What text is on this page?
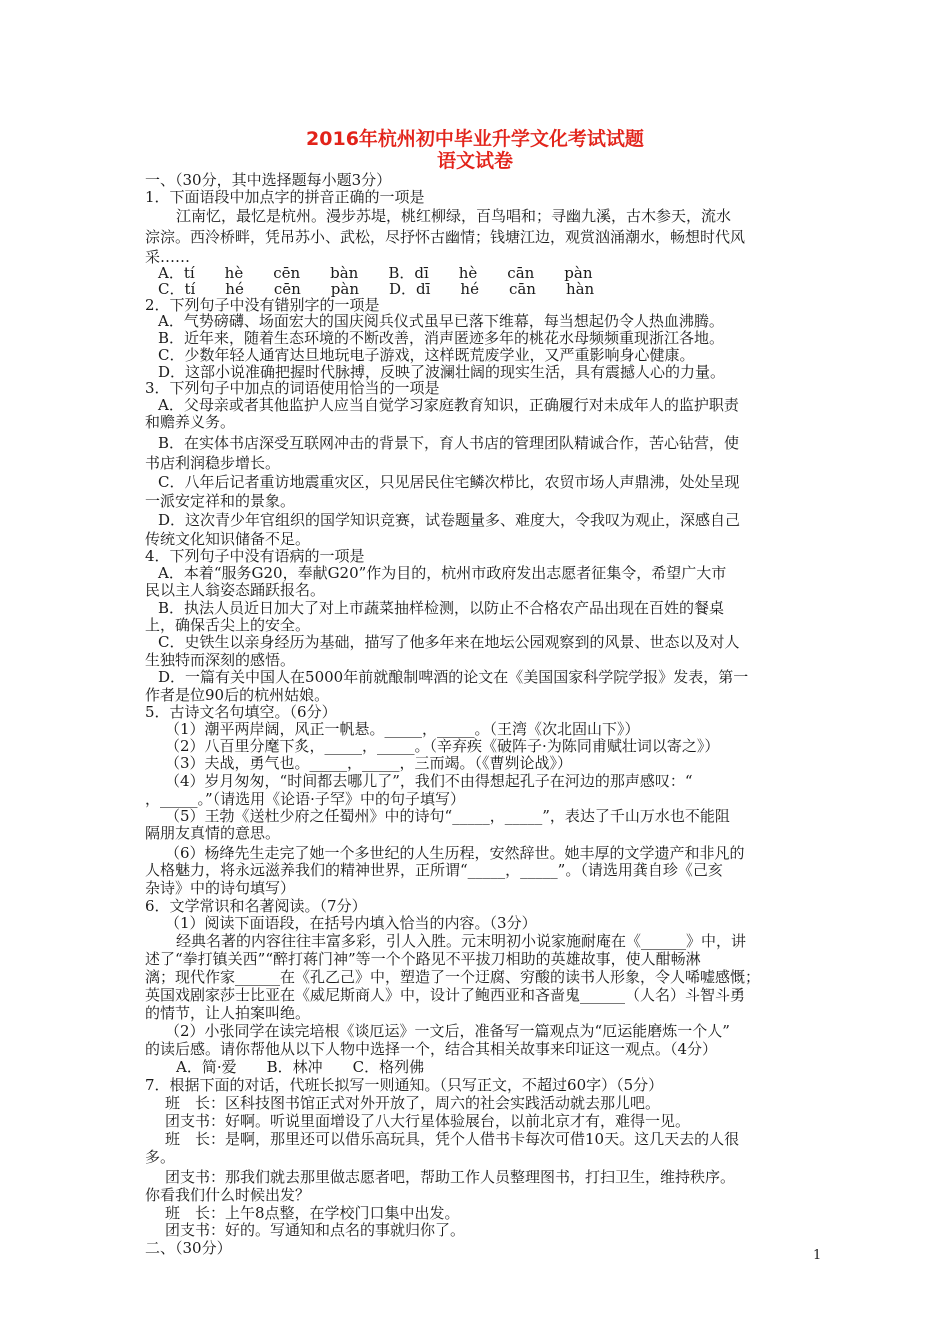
2016年杭州初中毕业升学文化考试试题
语文试卷
一、（30分，其中选择题每小题3分）
1．下面语段中加点字的拼音正确的一项是
江南忆，最忆是杭州。漫步苏堤，桃红柳绿，百鸟唱和；寻幽九溪，古木参天，流水
淙淙。西泠桥畔，凭吊苏小、武松，尽抒怀古幽情；钱塘江边，观赏汹涌潮水，畅想时代风
采……
A．tí　　hè　　cēn　　bàn　　B．dī　　hè　　cān　　pàn
C．tí　　hé　　cēn　　pàn　　D．dī　　hé　　cān　　hàn
2．下列句子中没有错别字的一项是
A．气势磅礴、场面宏大的国庆阅兵仪式虽早已落下维幕，每当想起仍令人热血沸腾。
B．近年来，随着生态环境的不断改善，消声匿迹多年的桃花水母频频重现浙江各地。
C．少数年轻人通宵达旦地玩电子游戏，这样既荒废学业，又严重影响身心健康。
D．这部小说准确把握时代脉搏，反映了波澜壮阔的现实生活，具有震撼人心的力量。
3．下列句子中加点的词语使用恰当的一项是
A．父母亲或者其他监护人应当自觉学习家庭教育知识，正确履行对未成年人的监护职责
和赡养义务。
B．在实体书店深受互联网冲击的背景下，育人书店的管理团队精诚合作，苦心钻营，使
书店利润稳步增长。
C．八年后记者重访地震重灾区，只见居民住宅鳞次栉比，农贸市场人声鼎沸，处处呈现
一派安定祥和的景象。
D．这次青少年官组织的国学知识竞赛，试卷题量多、难度大，令我叹为观止，深感自己
传统文化知识储备不足。
4．下列句子中没有语病的一项是
A．本着“服务G20，奉献G20”作为目的，杭州市政府发出志愿者征集令，希望广大市
民以主人翁姿态踊跃报名。
B．执法人员近日加大了对上市蔬菜抽样检测，以防止不合格农产品出现在百姓的餐桌
上，确保舌尖上的安全。
C．史铁生以亲身经历为基础，描写了他多年来在地坛公园观察到的风景、世态以及对人
生独特而深刻的感悟。
D．一篇有关中国人在5000年前就酿制啤酒的论文在《美国国家科学院学报》发表，第一
作者是位90后的杭州姑娘。
5．古诗文名句填空。（6分）
（1）潮平两岸阔，风正一帆悬。_____，_____。（王湾《次北固山下》）
（2）八百里分麾下炙，_____，_____。（辛弃疾《破阵子·为陈同甫赋壮词以寄之》）
（3）夫战，勇气也。_____，_____，三而竭。（《曹刿论战》）
（4）岁月匆匆，“时间都去哪儿了”，我们不由得想起孔子在河边的那声感叹：“
，_____。”（请选用《论语·子罕》中的句子填写）
（5）王勃《送杜少府之任蜀州》中的诗句“_____，_____”，表达了千山万水也不能阻
隔朋友真情的意思。
（6）杨绛先生走完了她一个多世纪的人生历程，安然辞世。她丰厚的文学遗产和非凡的
人格魅力，将永远滋养我们的精神世界，正所谓“_____，_____”。（请选用龚自珍《己亥
杂诗》中的诗句填写）
6．文学常识和名著阅读。（7分）
（1）阅读下面语段，在括号内填入恰当的内容。（3分）
经典名著的内容往往丰富多彩，引人入胜。元末明初小说家施耐庵在《______》中，讲
述了“拳打镇关西”“醉打蒋门神”等一个个路见不平拔刀相助的英雄故事，使人酣畅淋
漓；现代作家______在《孔乙己》中，塑造了一个迂腐、穷酸的读书人形象，令人唏嘘感慨；
英国戏剧家莎士比亚在《威尼斯商人》中，设计了鲍西亚和吝啬鬼______（人名）斗智斗勇
的情节，让人拍案叫绝。
（2）小张同学在读完培根《谈厄运》一文后，准备写一篇观点为“厄运能磨炼一个人”
的读后感。请你帮他从以下人物中选择一个，结合其相关故事来印证这一观点。（4分）
A．简·爱　　B．林冲　　C．格列佛
7．根据下面的对话，代班长拟写一则通知。（只写正文，不超过60字）（5分）
班　长：区科技图书馆正式对外开放了，周六的社会实践活动就去那儿吧。
团支书：好啊。听说里面增设了八大行星体验展台，以前北京才有，难得一见。
班　长：是啊，那里还可以借乐高玩具，凭个人借书卡每次可借10天。这几天去的人很
多。
团支书：那我们就去那里做志愿者吧，帮助工作人员整理图书，打扫卫生，维持秩序。
你看我们什么时候出发？
班　长：上午8点整，在学校门口集中出发。
团支书：好的。写通知和点名的事就归你了。
二、（30分）	1
